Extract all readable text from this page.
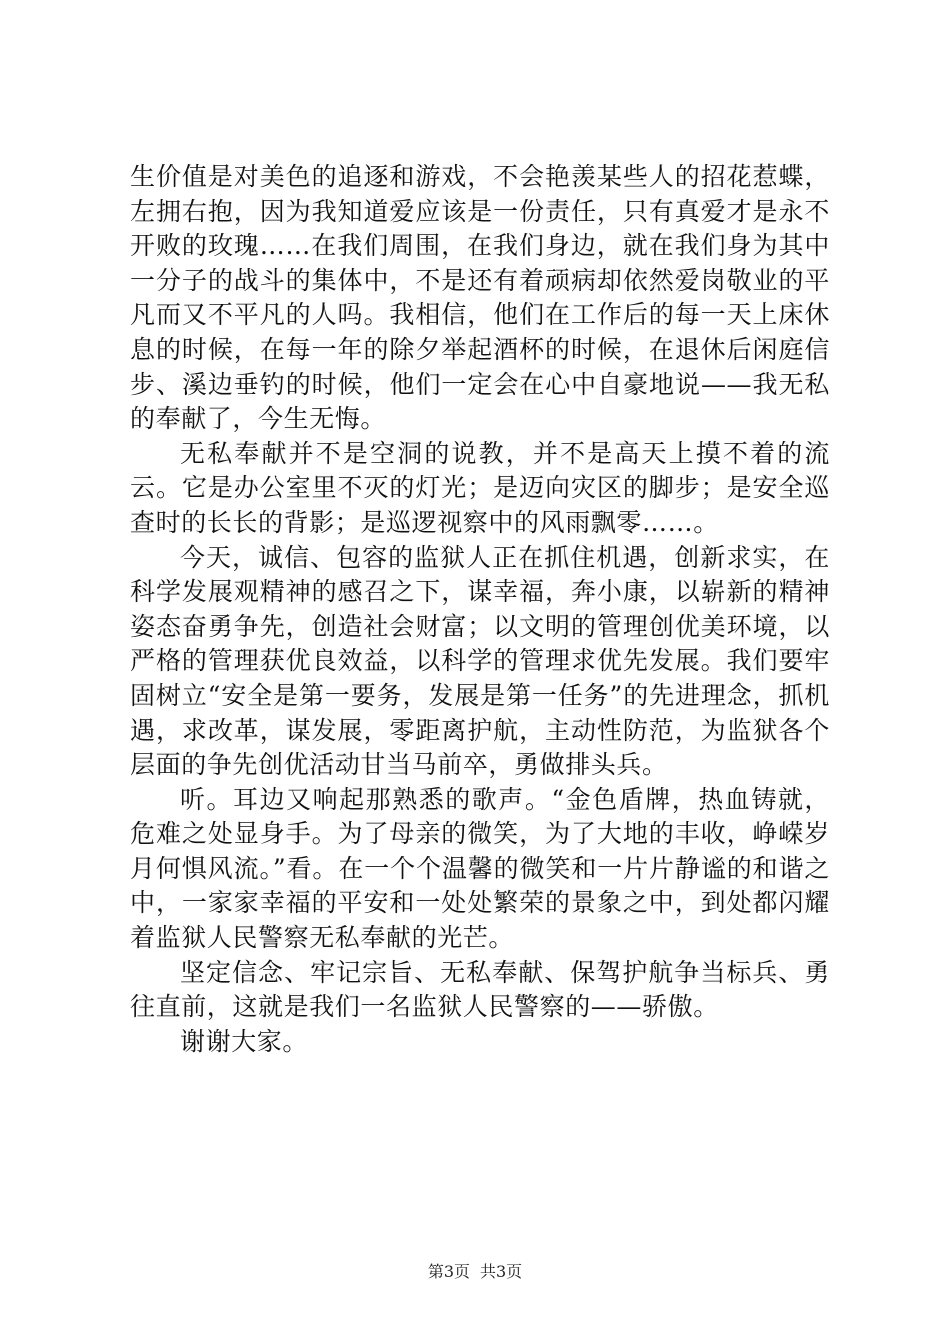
生价值是对美色的追逐和游戏，不会艳羡某些人的招花惹蝶，左拥右抱，因为我知道爱应该是一份责任，只有真爱才是永不开败的玫瑰……在我们周围，在我们身边，就在我们身为其中一分子的战斗的集体中，不是还有着顽病却依然爱岗敬业的平凡而又不平凡的人吗。我相信，他们在工作后的每一天上床休息的时候，在每一年的除夕举起酒杯的时候，在退休后闲庭信步、溪边垂钓的时候，他们一定会在心中自豪地说——我无私的奉献了，今生无悔。

无私奉献并不是空洞的说教，并不是高天上摸不着的流云。它是办公室里不灭的灯光；是迈向灾区的脚步；是安全巡查时的长长的背影；是巡逻视察中的风雨飘零……。

今天，诚信、包容的监狱人正在抓住机遇，创新求实，在科学发展观精神的感召之下，谋幸福，奔小康，以崭新的精神姿态奋勇争先，创造社会财富；以文明的管理创优美环境，以严格的管理获优良效益，以科学的管理求优先发展。我们要牢固树立“安全是第一要务，发展是第一任务”的先进理念，抓机遇，求改革，谋发展，零距离护航，主动性防范，为监狱各个层面的争先创优活动甘当马前卒，勇做排头兵。

听。耳边又响起那熟悉的歌声。“金色盾牌，热血铸就，危难之处显身手。为了母亲的微笑，为了大地的丰收，峥嵘岁月何惧风流。”看。在一个个温馨的微笑和一片片静谧的和谐之中，一家家幸福的平安和一处处繁荣的景象之中，到处都闪耀着监狱人民警察无私奉献的光芒。

坚定信念、牢记宗旨、无私奉献、保驾护航争当标兵、勇往直前，这就是我们一名监狱人民警察的——骄傲。

谢谢大家。

第3页 共3页
